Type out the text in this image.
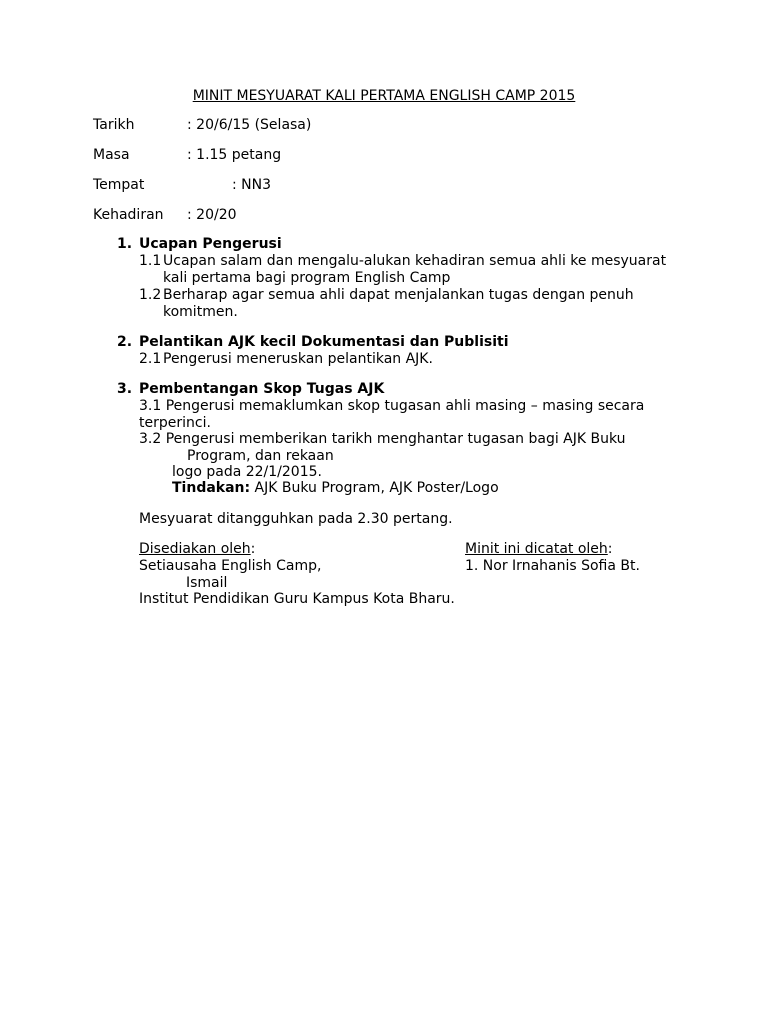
MINIT MESYUARAT KALI PERTAMA ENGLISH CAMP 2015
Tarikh	: 20/6/15 (Selasa)
Masa	: 1.15 petang
Tempat	: NN3
Kehadiran : 20/20
1. Ucapan Pengerusi
1.1 Ucapan salam dan mengalu-alukan kehadiran semua ahli ke mesyuarat
kali pertama bagi program English Camp
1.2 Berharap agar semua ahli dapat menjalankan tugas dengan penuh
komitmen.
2. Pelantikan AJK kecil Dokumentasi dan Publisiti
2.1 Pengerusi meneruskan pelantikan AJK.
3. Pembentangan Skop Tugas AJK
3.1 Pengerusi memaklumkan skop tugasan ahli masing – masing secara
terperinci.
3.2 Pengerusi memberikan tarikh menghantar tugasan bagi AJK Buku
Program, dan rekaan
logo pada 22/1/2015.
Tindakan: AJK Buku Program, AJK Poster/Logo
Mesyuarat ditangguhkan pada 2.30 pertang.
Disediakan oleh:	Minit ini dicatat oleh:
Setiausaha English Camp,	1. Nor Irnahanis Sofia Bt.
Ismail
Institut Pendidikan Guru Kampus Kota Bharu.
